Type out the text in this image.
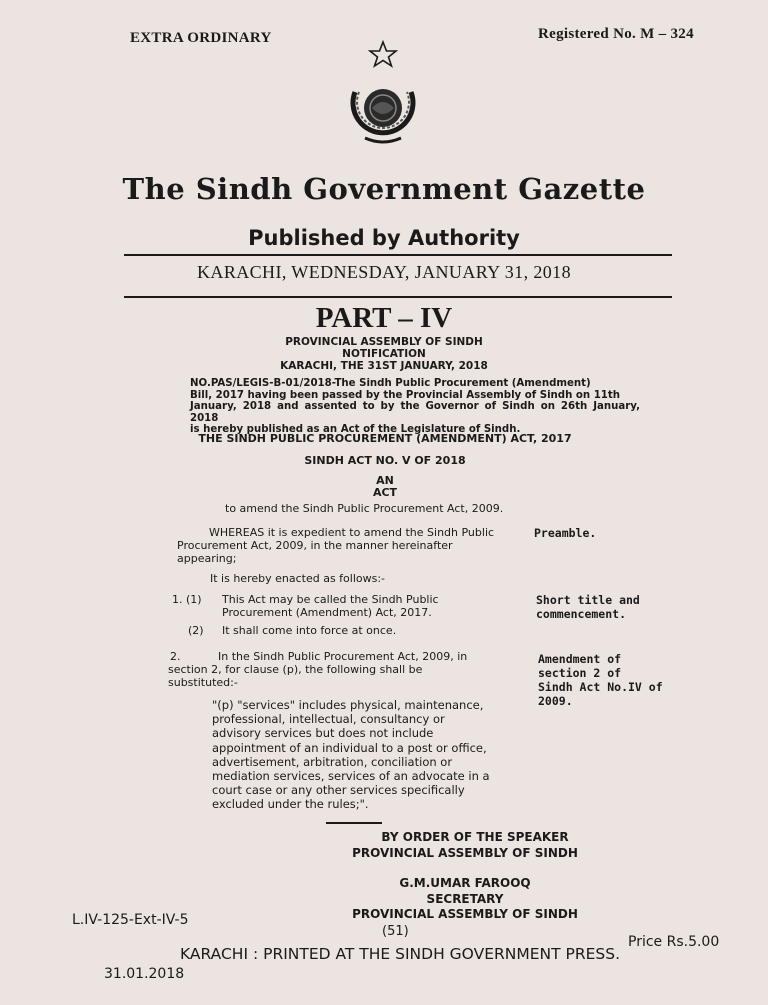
EXTRA ORDINARY	Registered No. M – 324
The Sindh Government Gazette
Published by Authority
KARACHI, WEDNESDAY, JANUARY 31, 2018
PART – IV
PROVINCIAL ASSEMBLY OF SINDH
NOTIFICATION
KARACHI, THE 31ST JANUARY, 2018
NO.PAS/LEGIS-B-01/2018-The Sindh Public Procurement (Amendment)
Bill, 2017 having been passed by the Provincial Assembly of Sindh on 11th
January, 2018 and assented to by the Governor of Sindh on 26th January, 2018
is hereby published as an Act of the Legislature of Sindh.
THE SINDH PUBLIC PROCUREMENT (AMENDMENT) ACT, 2017
SINDH ACT NO. V OF 2018
AN
ACT
to amend the Sindh Public Procurement Act, 2009.
WHEREAS it is expedient to amend the Sindh Public
Procurement Act, 2009, in the manner hereinafter
appearing;
Preamble.
It is hereby enacted as follows:-
1. (1) This Act may be called the Sindh Public
Procurement (Amendment) Act, 2017.
Short title and
commencement.
(2) It shall come into force at once.
2.	In the Sindh Public Procurement Act, 2009, in
section 2, for clause (p), the following shall be
substituted:-
Amendment of
section 2 of
Sindh Act No.IV of
2009.
"(p) "services" includes physical, maintenance,
professional, intellectual, consultancy or
advisory services but does not include
appointment of an individual to a post or office,
advertisement, arbitration, conciliation or
mediation services, services of an advocate in a
court case or any other services specifically
excluded under the rules;".
BY ORDER OF THE SPEAKER
PROVINCIAL ASSEMBLY OF SINDH
G.M.UMAR FAROOQ
SECRETARY
PROVINCIAL ASSEMBLY OF SINDH
L.IV-125-Ext-IV-5
(51)
Price Rs.5.00
KARACHI : PRINTED AT THE SINDH GOVERNMENT PRESS.
31.01.2018
